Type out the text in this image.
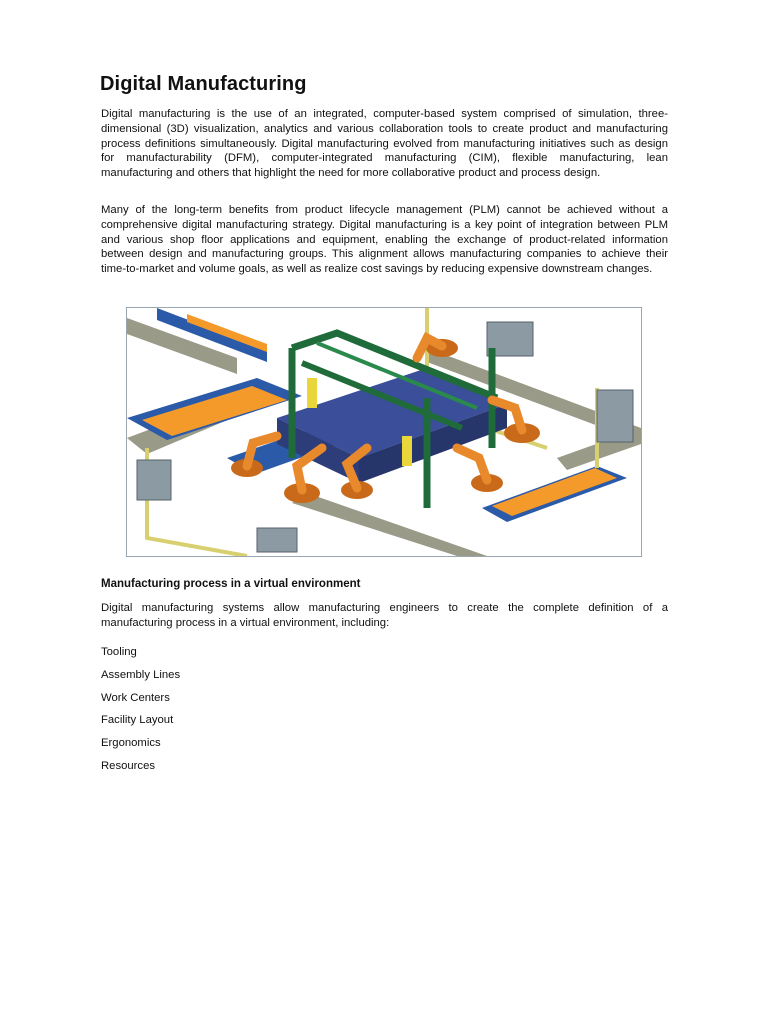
Digital Manufacturing

Digital manufacturing is the use of an integrated, computer-based system comprised of simulation, three-dimensional (3D) visualization, analytics and various collaboration tools to create product and manufacturing process definitions simultaneously. Digital manufacturing evolved from manufacturing initiatives such as design for manufacturability (DFM), computer-integrated manufacturing (CIM), flexible manufacturing, lean manufacturing and others that highlight the need for more collaborative product and process design.

Many of the long-term benefits from product lifecycle management (PLM) cannot be achieved without a comprehensive digital manufacturing strategy. Digital manufacturing is a key point of integration between PLM and various shop floor applications and equipment, enabling the exchange of product-related information between design and manufacturing groups. This alignment allows manufacturing companies to achieve their time-to-market and volume goals, as well as realize cost savings by reducing expensive downstream changes.

Manufacturing process in a virtual environment

Digital manufacturing systems allow manufacturing engineers to create the complete definition of a manufacturing process in a virtual environment, including:

Tooling
Assembly Lines
Work Centers
Facility Layout
Ergonomics
Resources
